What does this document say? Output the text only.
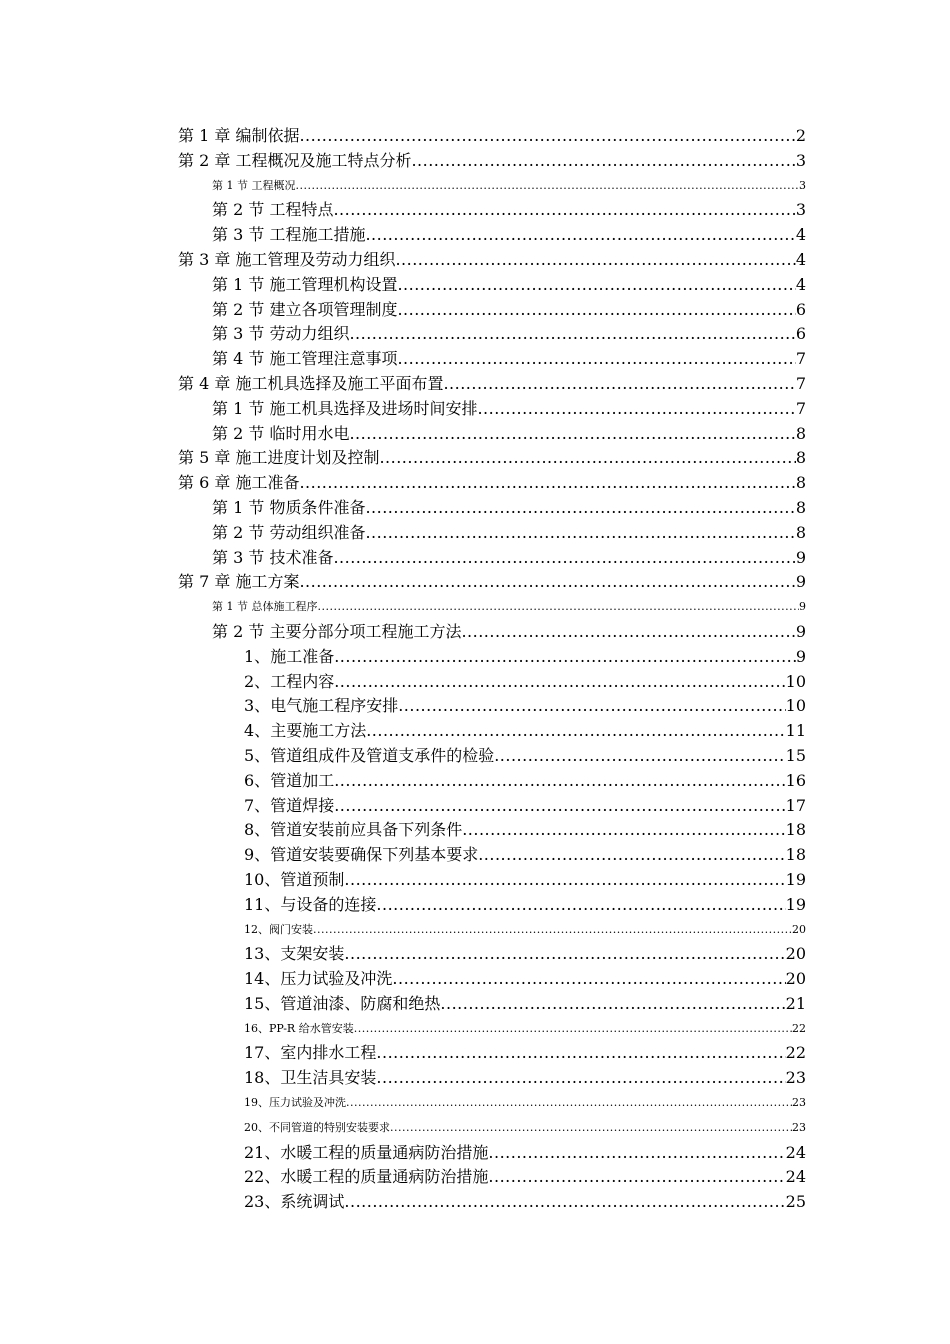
第 1 章 编制依据 .....	2
第 2 章 工程概况及施工特点分析 .....	3
第 1 节 工程概况 .....	3
第 2 节 工程特点 .....	3
第 3 节 工程施工措施 .....	4
第 3 章 施工管理及劳动力组织 .....	4
第 1 节 施工管理机构设置 .....	4
第 2 节 建立各项管理制度 .....	6
第 3 节 劳动力组织 .....	6
第 4 节 施工管理注意事项 .....	7
第 4 章 施工机具选择及施工平面布置 .....	7
第 1 节 施工机具选择及进场时间安排 .....	7
第 2 节 临时用水电 .....	8
第 5 章 施工进度计划及控制 .....	8
第 6 章 施工准备 .....	8
第 1 节 物质条件准备 .....	8
第 2 节 劳动组织准备 .....	8
第 3 节 技术准备 .....	9
第 7 章 施工方案 .....	9
第 1 节 总体施工程序 .....	9
第 2 节 主要分部分项工程施工方法 .....	9
1、 施工准备 .....	9
2、 工程内容 .....	10
3、 电气施工程序安排 .....	10
4、 主要施工方法 .....	11
5、 管道组成件及管道支承件的检验 .....	15
6、 管道加工 .....	16
7、 管道焊接 .....	17
8、 管道安装前应具备下列条件 .....	18
9、 管道安装要确保下列基本要求 .....	18
10、 管道预制 .....	19
11、 与设备的连接 .....	19
12、 阀门安装 .....	20
13、 支架安装 .....	20
14、 压力试验及冲洗 .....	20
15、 管道油漆、防腐和绝热 .....	21
16、 PP-R 给水管安装 .....	22
17、 室内排水工程 .....	22
18、 卫生洁具安装 .....	23
19、 压力试验及冲洗 .....	23
20、 不同管道的特别安装要求 .....	23
21、 水暖工程的质量通病防治措施 .....	24
22、 水暖工程的质量通病防治措施 .....	24
23、 系统调试 .....	25
